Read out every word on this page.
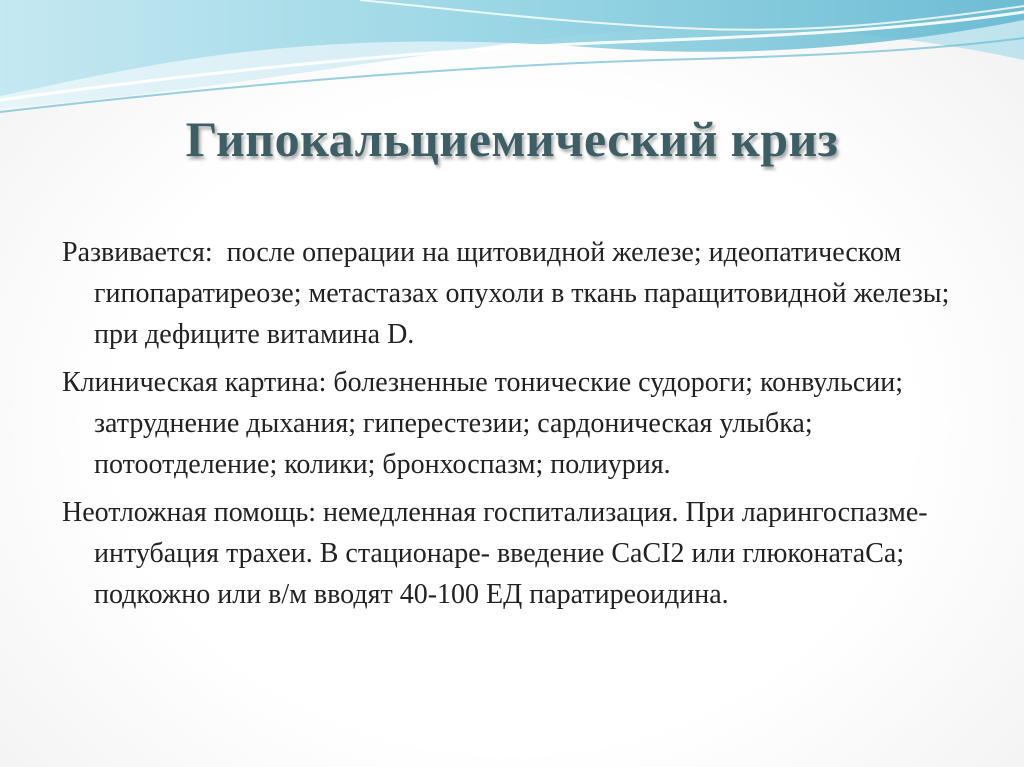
Гипокальциемический криз
Развивается:  после операции на щитовидной железе; идеопатическом гипопаратиреозе; метастазах опухоли в ткань паращитовидной железы; при дефиците витамина D.
Клиническая картина: болезненные тонические судороги; конвульсии; затруднение дыхания; гиперестезии; сардоническая улыбка; потоотделение; колики; бронхоспазм; полиурия.
Неотложная помощь: немедленная госпитализация. При ларингоспазме- интубация трахеи. В стационаре- введение СаСI2 или глюконатаСа; подкожно или в/м вводят 40-100 ЕД паратиреоидина.
